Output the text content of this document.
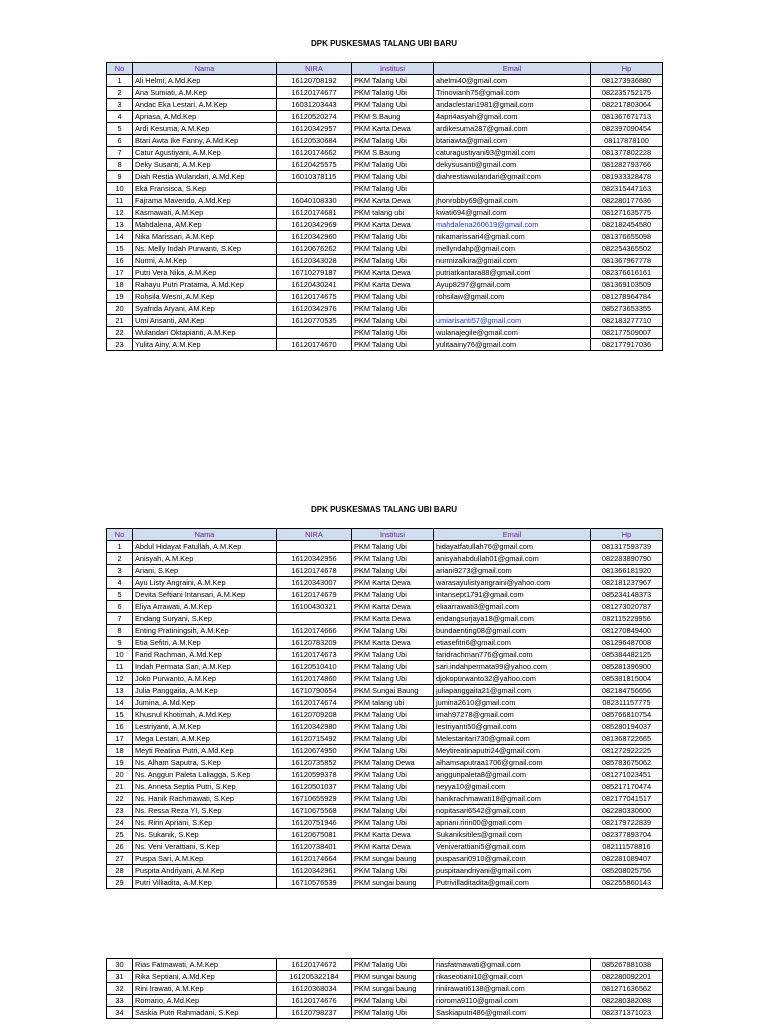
DPK PUSKESMAS TALANG UBI BARU
No	Nama	NIRA	Institusi	Email	Hp
1	Ali Helmi, A.Md.Kep	16120708192	PKM Talang Ubi	ahelmi40@gmail.com	081273936880
2	Ana Sumiati, A.M.Kep	16120174677	PKM Talang Ubi	Trinovianh75@gmail.com	082235752175
3	Andac Eka Lestari, A.M.Kep	16031203443	PKM Talang Ubi	andaclestari1981@gmail.com	082217803064
4	Apriasa, A.Md.Kep	16120520274	PKM S.Baung	4apri4asyah@gmail.com	081367671713
5	Ardi Kesuma, A.M.Kep	16120342957	PKM Karta Dewa	ardikesuma287@gmail.com	082397090454
6	Btari Awta Ike Fanny, A.Md.Kep	16120530684	PKM Talang Ubi	btariawta@gmail.com	08117878100
7	Catur Agustiyani, A.M.Kep	16120174662	PKM S.Baung	caturagustiyani93@gmail.com	081377802228
8	Deky Susanti, A.M.Kep	16120425575	PKM Talang Ubi	dekysusanti@gmail.com	081282793766
9	Diah Restia Wulandari, A.Md.Kep	16010378115	PKM Talang Ubi	diahrestiawulandari@gmail.com	081933328478
10	Eka Fransisca, S.Kep		PKM Talang Ubi		082315447163
11	Fajrama Mavendo, A.Md.Kep	16040108330	PKM Karta Dewa	jhonrobby69@gmail.com	082280177636
12	Kasmawati, A.M.Kep	16120174681	PKM talang ubi	kwati694@gmail.com	081271635775
13	Mahdalena, AM.Kep	16120342969	PKM Karta Dewa	mahdalena260619@gmail.com	082182454580
14	Nika Marissari, A.M.Kep	16120342960	PKM Talang Ubi	nikamarissari4@gmail.com	081376655098
15	Ns. Melly Indah Purwanti, S.Kep	16120676262	PKM Talang Ubi	mellyndahp@gmail.com	082254365502
16	Nurmi, A.M.Kep	16120343028	PKM Talang Ubi	nurmizalkira@gmail.com	081367967778
17	Putri Vera Nika, A.M.Kep	16710279187	PKM Karta Dewa	putriatkantara88@gmail.com	082376616161
18	Rahayu Putri Pratama, A.Md.Kep	16120430241	PKM Karta Dewa	Ayup8297@gmail.com	081369103509
19	Rohsila Wesni, A.M.Kep	16120174675	PKM Talang Ubi	rohsilaw@gmail.com	081278964784
20	Syafrida Aryani, AM.Kep	16120342976	PKM Talang Ubi		085273653355
21	Umi Arisanti, AM.Kep	16120770535	PKM Talang Ubi	umiarisanti57@gmail.com	082183277710
22	Wulandari Oktapianti, A.M.Kep		PKM Talang Ubi	wulanajegile@gmail.com	082177509007
23	Yulita Ainy, A.M.Kep	16120174670	PKM Talang Ubi	yulitaainy76@gmail.com	082177917036
DPK PUSKESMAS TALANG UBI BARU
No	Nama	NIRA	Institusi	Email	Hp
1	Abdul Hidayat Fatullah, A.M.Kep		PKM Talang Ubi	hidayatfatullah76@gmail.com	081317593739
2	Anisyah, A.M.Kep	16120342956	PKM Talang Ubi	anisyahabdullah01@gmail.com	082283890790
3	Ariani, S.Kep	16120174678	PKM Talang Ubi	ariani9273@gmail.com	081366181920
4	Ayu Listy Angraini, A.M.Kep	16120343007	PKM Karta Dewa	warasayulistyangraini@yahoo.com	082181237967
5	Devita Seftiani Intansari, A.M.Kep	16120174679	PKM Talang Ubi	intansept1791@gmail.com	085234148373
6	Eliya Arrawati, A.M.Kep	16100430321	PKM Karta Dewa	eliaarrawati3@gmail.com	081273020787
7	Endang Suryani, S.Kep		PKM Karta Dewa	endangsurjaya18@gmail.com	082115229956
8	Enting Pratiningsih, A.M.Kep	16120174666	PKM Talang Ubi	bundaenting08@gmail.com	081270849400
9	Etia Sefitri, A.M.Kep	16120783209	PKM Karta Dewa	etiasefitri6@gmail.com	081296487008
10	Farid Rachman, A.Md.Kep	16120174673	PKM Talang Ubi	faridrachman776@gmail.com	085384482125
11	Indah Permata Sari, A.M.Kep	16120510410	PKM Talang Ubi	sari.indahpermata99@yahoo.com	085281396900
12	Joko Purwanto, A.M.Kep	16120174860	PKM Talang Ubi	djokopurwanto32@yahoo.com	085381815004
13	Julia Panggaita, A.M.Kep	16710790654	PKM Sungai Baung	juliapanggaita21@gmail.com	082184756656
14	Jumina, A.Md.Kep	16120174674	PKM talang ubi	jumina2610@gmail.com	082311157775
15	Khusnul Khotimah, A.Md.Kep	16120709208	PKM Talang Ubi	imah97278@gmail.com	085766810754
16	Lestriyanti, A.M.Kep	16120342980	PKM Talang Ubi	lestriyanti50@gmail.com	085280194037
17	Mega Lestari, A.M.Kep	16120715492	PKM Talang Ubi	Melestaritari730@gmail.com	081368722665
18	Meyti Reatina Putri, A.Md.Kep	16120674950	PKM Talang Ubi	Meytireatinaputri24@gmail.com	081272922225
19	Ns. Alham Saputra, S.Kep	16120735852	PKM Talang Dewa	alhamsaputraa1706@gmail.com	085783675062
20	Ns. Anggun Paleta Laliagga, S.Kep	16120599378	PKM Talang Ubi	anggunpaleta8@gmail.com	081271023451
21	Ns. Anneta Septia Putri, S.Kep	16120501037	PKM Talang Ubi	neyya10@gmail.com	085217170474
22	Ns. Hanik Rachmawati, S.Kep	16710655929	PKM Talang Ubi	hanikrachmawati18@gmail.com	082177041517
23	Ns. Ressa Reza YI, S.Kep	16710675568	PKM Talang Ubi	nopitasari6542@gmail.com	082280330600
24	Ns. Ririn Apriani, S.Kep	16120751946	PKM Talang Ubi	apriani.ririn00@gmail.com	082179722839
25	Ns. Sukanik, S.Kep	16120675081	PKM Karta Dewa	Sukaniksitiles@gmail.com	082377893704
26	Ns. Veni Verattiani, S.Kep	16120738401	PKM Karta Dewa	Veniverattiani5@gmail.com	082111578816
27	Puspa Sari, A.M.Kep	16120174664	PKM sungai baung	puspasari0910@gmail.com	082281089407
28	Puspita Andriyani, A.M.Kep	16120342961	PKM Talang Ubi	puspitaandriyani@gmail.com	085208025756
29	Putri Villiadita, A.M.Kep	16710576539	PKM sungai baung	Putrivilladitadita@gmail.com	082255860143
30	Rias Fatmawati, A.M.Kep	16120174672	PKM Talang Ubi	riasfatmawati@gmail.com	085267881038
31	Rika Septiani, A.Md.Kep	161205322184	PKM sungai baung	rikaseotiani10@gmail.com	082280092201
32	Rini Irawati, A.M.Kep	16120368034	PKM sungai baung	riniirawati6138@gmail.com	081271636562
33	Romario, A.Md.Kep	16120174676	PKM Talang Ubi	rioroma9110@gmail.com	082280382088
34	Saskia Putri Rahmadani, S.Kep	16120798237	PKM Talang Ubi	Saskiaputri486@gmail.com	082371371023
